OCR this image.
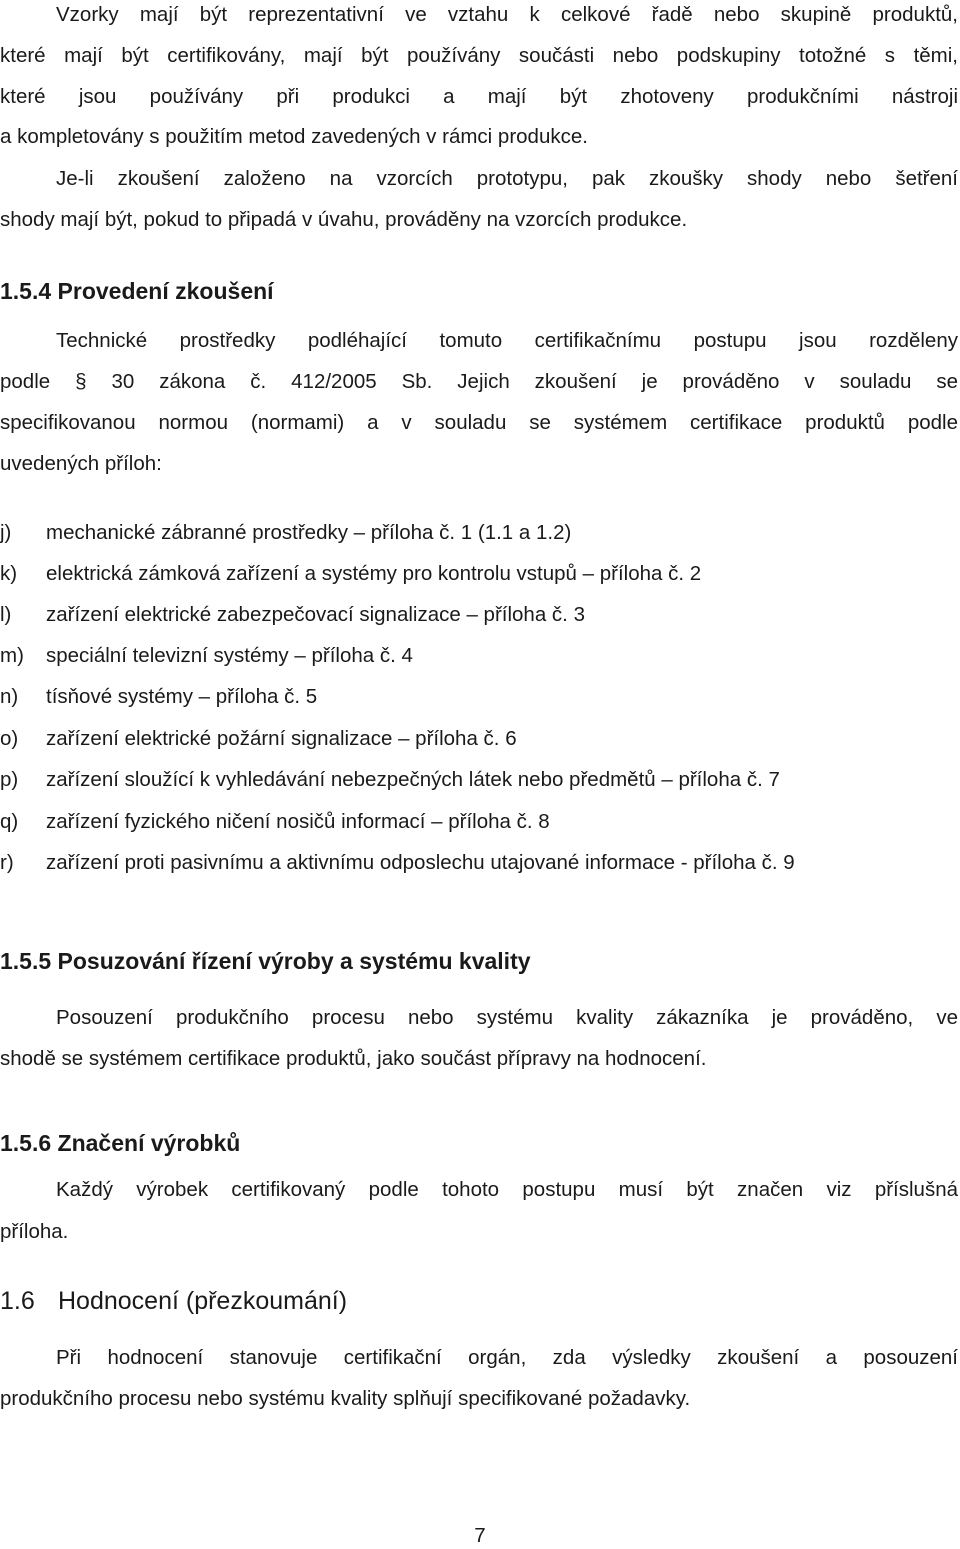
Vzorky mají být reprezentativní ve vztahu k celkové řadě nebo skupině produktů,
které mají být certifikovány, mají být používány součásti nebo podskupiny totožné s těmi,
které jsou používány při produkci a mají být zhotoveny produkčními nástroji
a kompletovány s použitím metod zavedených v rámci produkce.
Je-li zkoušení založeno na vzorcích prototypu, pak zkoušky shody nebo šetření
shody mají být, pokud to připadá v úvahu, prováděny na vzorcích produkce.
1.5.4 Provedení zkoušení
Technické prostředky podléhající tomuto certifikačnímu postupu jsou rozděleny
podle § 30 zákona č. 412/2005 Sb. Jejich zkoušení je prováděno v souladu se
specifikovanou normou (normami) a v souladu se systémem certifikace produktů podle
uvedených příloh:
j) mechanické zábranné prostředky – příloha č. 1 (1.1 a 1.2)
k) elektrická zámková zařízení a systémy pro kontrolu vstupů – příloha č. 2
l) zařízení elektrické zabezpečovací signalizace – příloha č. 3
m) speciální televizní systémy – příloha č. 4
n) tísňové systémy – příloha č. 5
o) zařízení elektrické požární signalizace – příloha č. 6
p) zařízení sloužící k vyhledávání nebezpečných látek nebo předmětů – příloha č. 7
q) zařízení fyzického ničení nosičů informací – příloha č. 8
r) zařízení proti pasivnímu a aktivnímu odposlechu utajované informace - příloha č. 9
1.5.5 Posuzování řízení výroby a systému kvality
Posouzení produkčního procesu nebo systému kvality zákazníka je prováděno, ve
shodě se systémem certifikace produktů, jako součást přípravy na hodnocení.
1.5.6 Značení výrobků
Každý výrobek certifikovaný podle tohoto postupu musí být značen viz příslušná
příloha.
1.6 Hodnocení (přezkoumání)
Při hodnocení stanovuje certifikační orgán, zda výsledky zkoušení a posouzení
produkčního procesu nebo systému kvality splňují specifikované požadavky.
7
